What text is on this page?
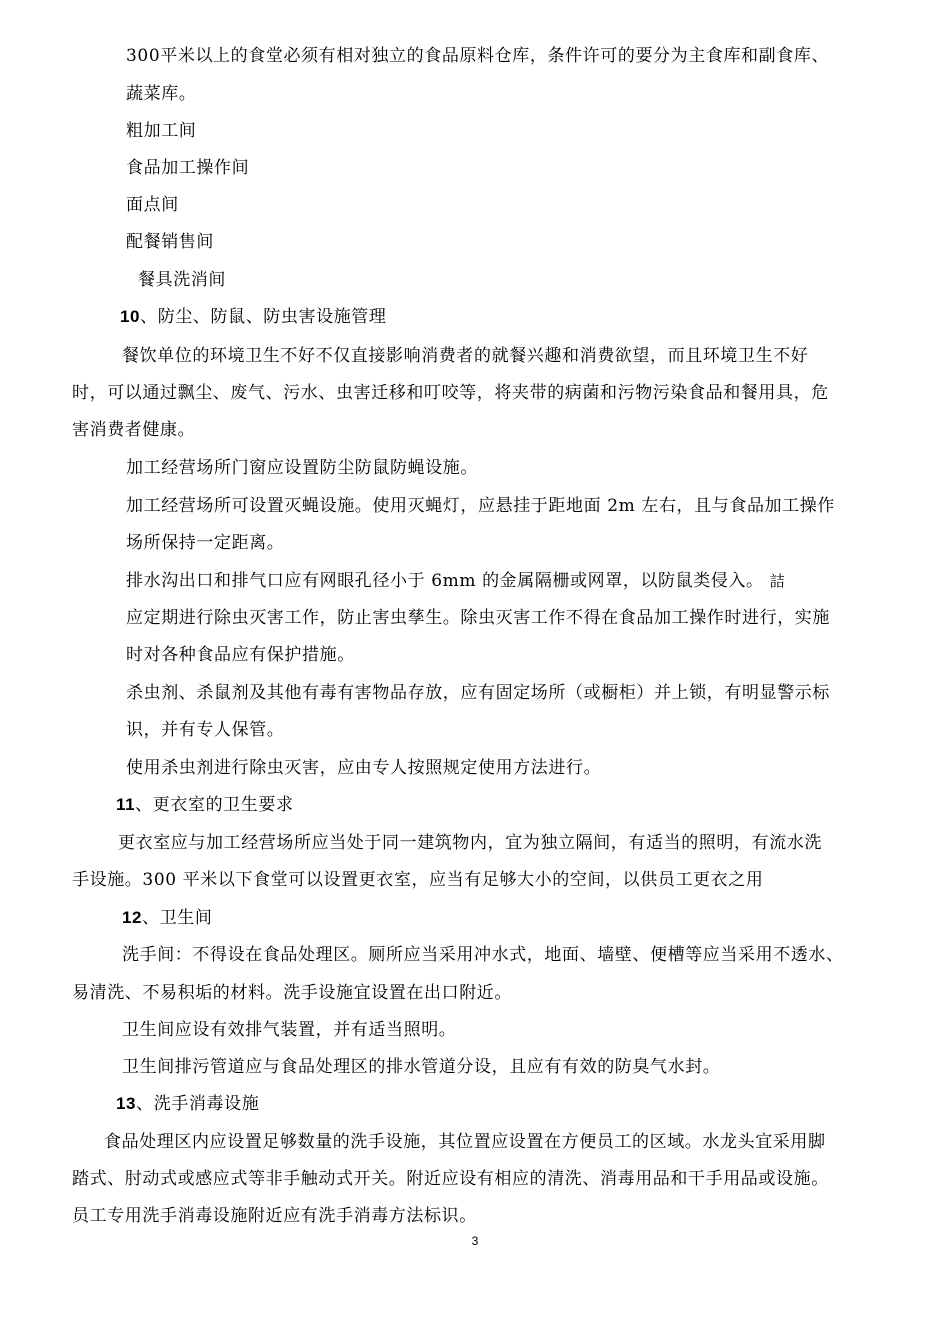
300平米以上的食堂必须有相对独立的食品原料仓库，条件许可的要分为主食库和副食库、
蔬菜库。
粗加工间
食品加工操作间
面点间
配餐销售间
餐具洗消间
10、防尘、防鼠、防虫害设施管理
餐饮单位的环境卫生不好不仅直接影响消费者的就餐兴趣和消费欲望，而且环境卫生不好
时，可以通过飘尘、废气、污水、虫害迁移和叮咬等，将夹带的病菌和污物污染食品和餐用具，危
害消费者健康。
加工经营场所门窗应设置防尘防鼠防蝇设施。
加工经营场所可设置灭蝇设施。使用灭蝇灯，应悬挂于距地面 2m 左右，且与食品加工操作
场所保持一定距离。
排水沟出口和排气口应有网眼孔径小于 6mm 的金属隔栅或网罩，以防鼠类侵入。 詰
应定期进行除虫灭害工作，防止害虫孳生。除虫灭害工作不得在食品加工操作时进行，实施
时对各种食品应有保护措施。
杀虫剂、杀鼠剂及其他有毒有害物品存放，应有固定场所（或橱柜）并上锁，有明显警示标
识，并有专人保管。
使用杀虫剂进行除虫灭害，应由专人按照规定使用方法进行。
11、更衣室的卫生要求
更衣室应与加工经营场所应当处于同一建筑物内，宜为独立隔间，有适当的照明，有流水洗
手设施。300 平米以下食堂可以设置更衣室，应当有足够大小的空间，以供员工更衣之用
12、卫生间
洗手间：不得设在食品处理区。厕所应当采用冲水式，地面、墙壁、便槽等应当采用不透水、
易清洗、不易积垢的材料。洗手设施宜设置在出口附近。
卫生间应设有效排气装置，并有适当照明。
卫生间排污管道应与食品处理区的排水管道分设，且应有有效的防臭气水封。
13、洗手消毒设施
食品处理区内应设置足够数量的洗手设施，其位置应设置在方便员工的区域。水龙头宜采用脚
踏式、肘动式或感应式等非手触动式开关。附近应设有相应的清洗、消毒用品和干手用品或设施。
员工专用洗手消毒设施附近应有洗手消毒方法标识。
3
